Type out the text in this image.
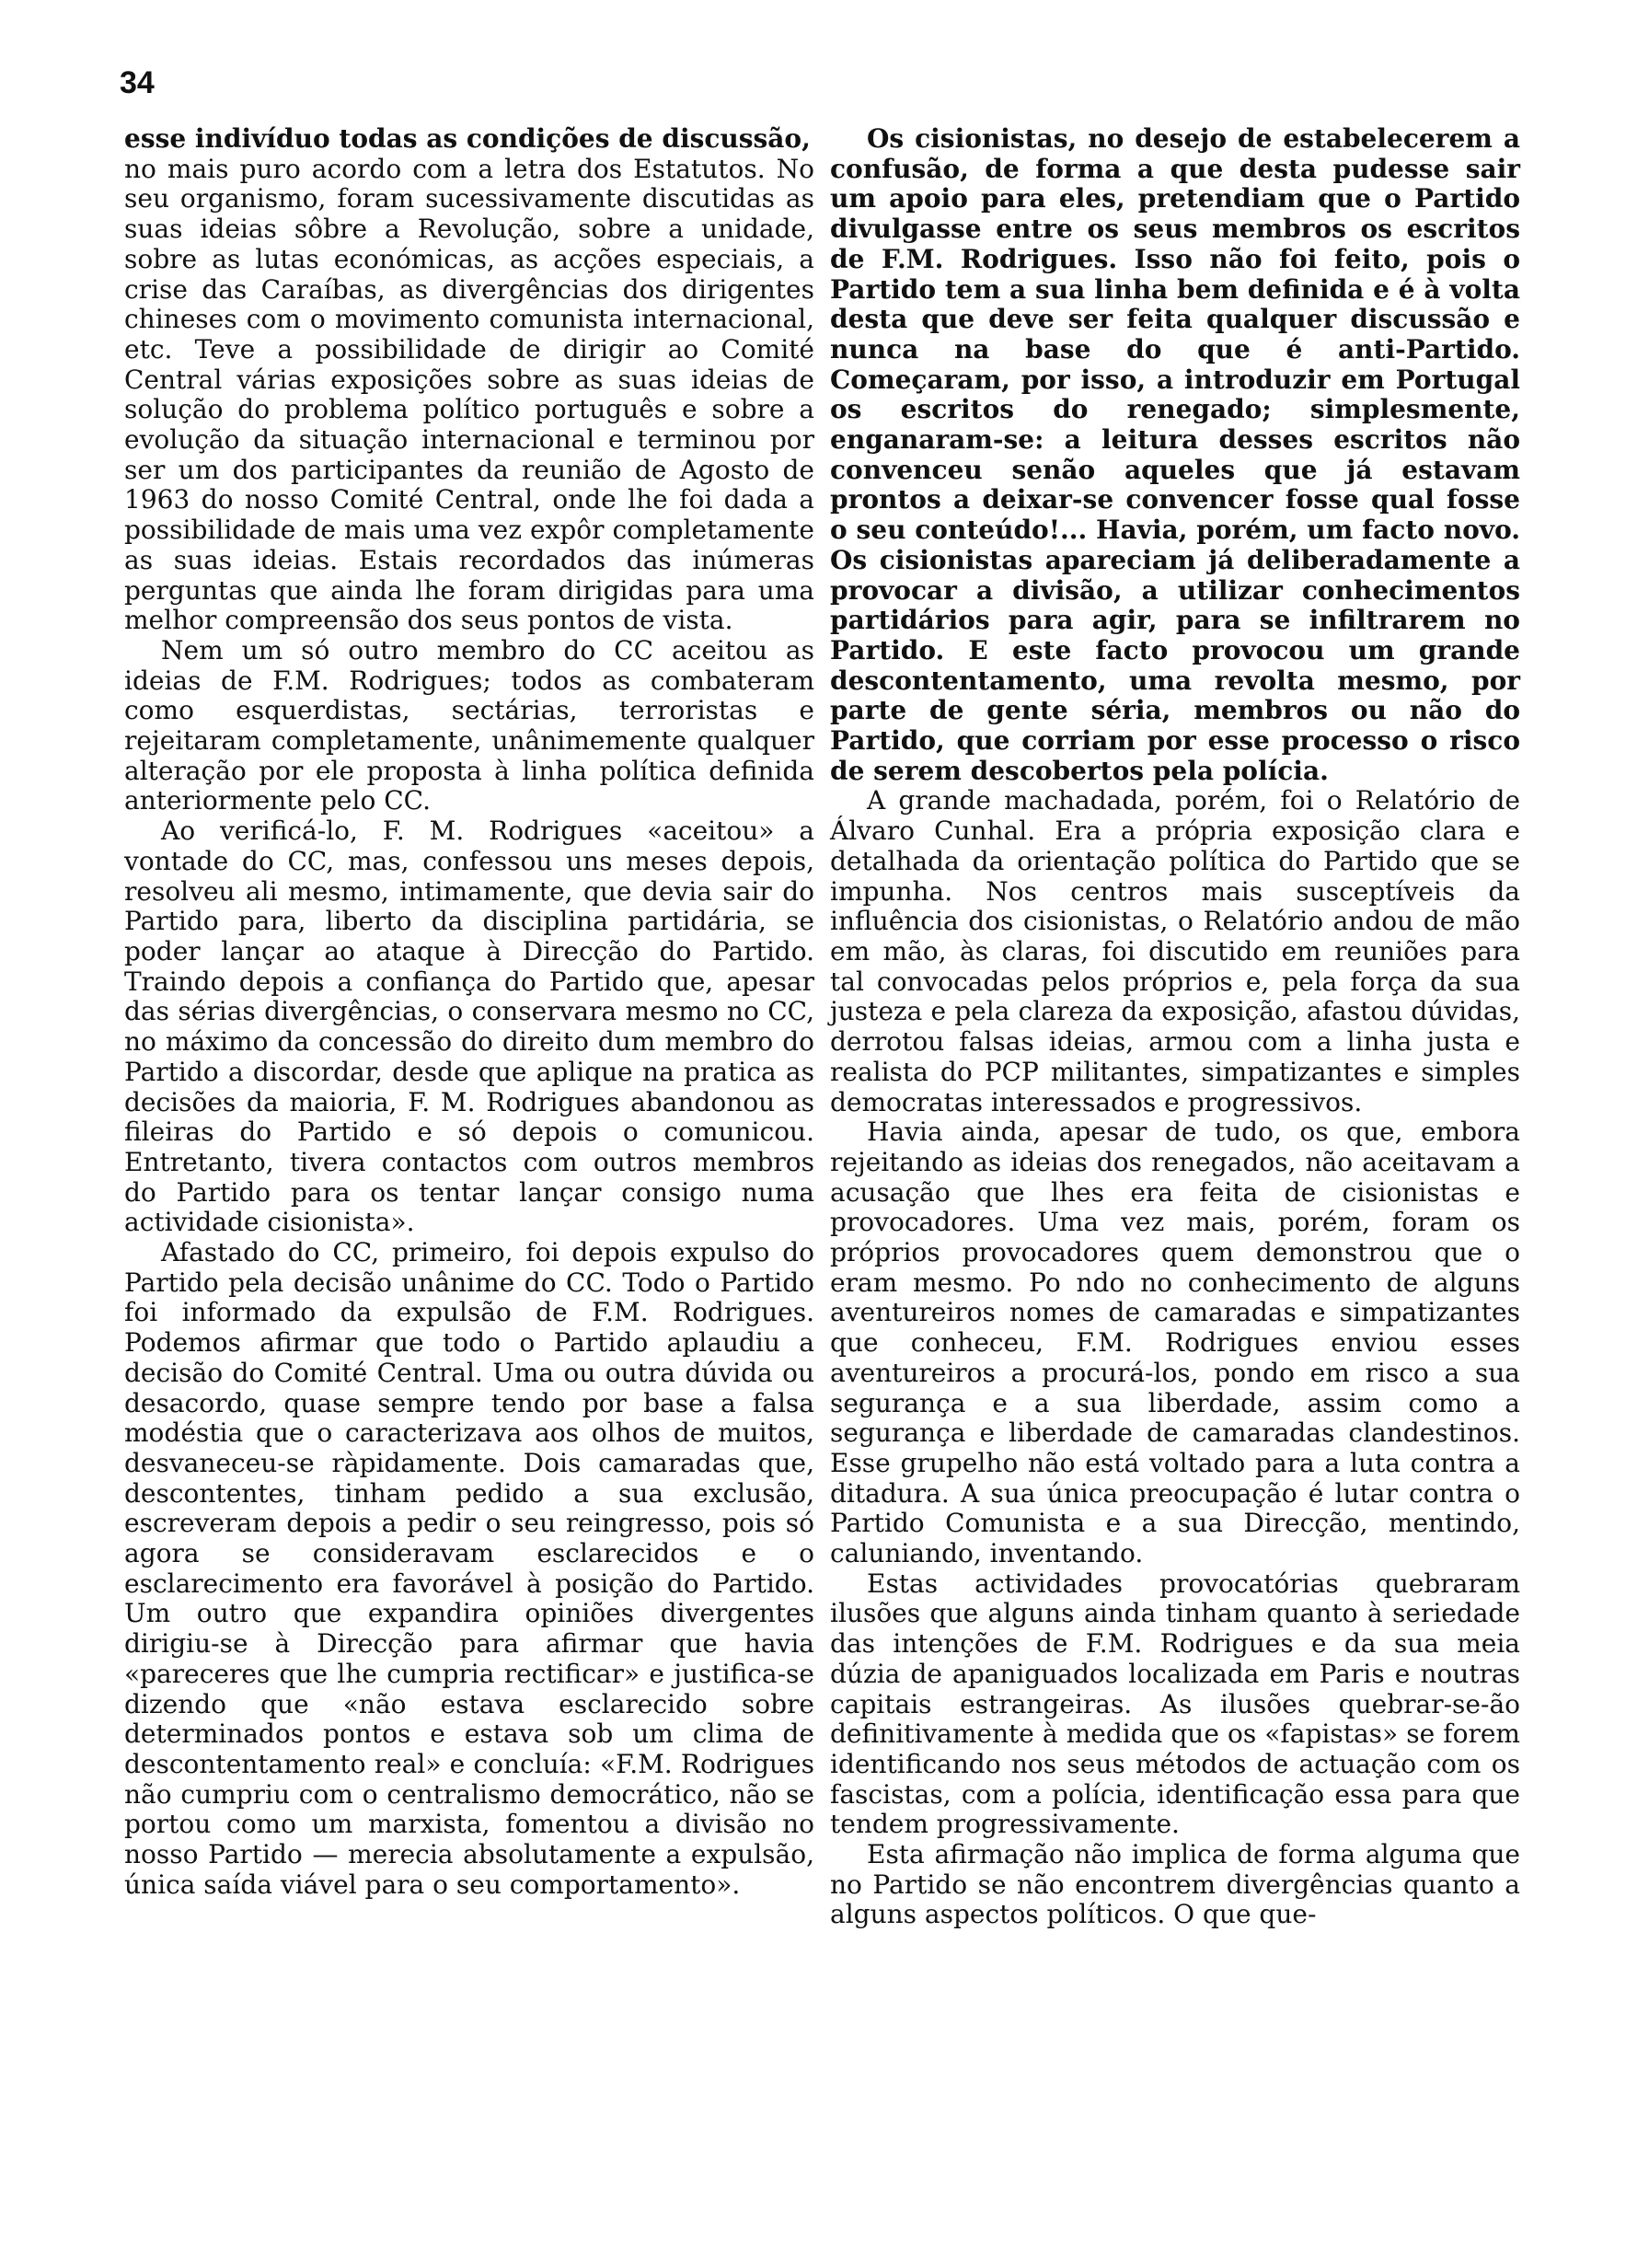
34

esse indivíduo todas as condições de discussão,

no mais puro acordo com a letra dos Estatutos. No seu organismo, foram sucessivamente discutidas as suas ideias sôbre a Revolução, sobre a unidade, sobre as lutas económicas, as acções especiais, a crise das Caraíbas, as divergências dos dirigentes chineses com o movimento comunista internacional, etc. Teve a possibilidade de dirigir ao Comité Central várias exposições sobre as suas ideias de solução do problema político português e sobre a evolução da situação internacional e terminou por ser um dos participantes da reunião de Agosto de 1963 do nosso Comité Central, onde lhe foi dada a possibilidade de mais uma vez expôr completamente as suas ideias. Estais recordados das inúmeras perguntas que ainda lhe foram dirigidas para uma melhor compreensão dos seus pontos de vista.

Nem um só outro membro do CC aceitou as ideias de F.M. Rodrigues; todos as combateram como esquerdistas, sectárias, terroristas e rejeitaram completamente, unânimemente qualquer alteração por ele proposta à linha política definida anteriormente pelo CC.

Ao verificá-lo, F. M. Rodrigues «aceitou» a vontade do CC, mas, confessou uns meses depois, resolveu ali mesmo, intimamente, que devia sair do Partido para, liberto da disciplina partidária, se poder lançar ao ataque à Direcção do Partido. Traindo depois a confiança do Partido que, apesar das sérias divergências, o conservara mesmo no CC, no máximo da concessão do direito dum membro do Partido a discordar, desde que aplique na pratica as decisões da maioria, F. M. Rodrigues abandonou as fileiras do Partido e só depois o comunicou. Entretanto, tivera contactos com outros membros do Partido para os tentar lançar consigo numa actividade cisionista».

Afastado do CC, primeiro, foi depois expulso do Partido pela decisão unânime do CC. Todo o Partido foi informado da expulsão de F.M. Rodrigues. Podemos afirmar que todo o Partido aplaudiu a decisão do Comité Central. Uma ou outra dúvida ou desacordo, quase sempre tendo por base a falsa modéstia que o caracterizava aos olhos de muitos, desvaneceu-se ràpidamente. Dois camaradas que, descontentes, tinham pedido a sua exclusão, escreveram depois a pedir o seu reingresso, pois só agora se consideravam esclarecidos e o esclarecimento era favorável à posição do Partido. Um outro que expandira opiniões divergentes dirigiu-se à Direcção para afirmar que havia «pareceres que lhe cumpria rectificar» e justifica-se dizendo que «não estava esclarecido sobre determinados pontos e estava sob um clima de descontentamento real» e concluía: «F.M. Rodrigues não cumpriu com o centralismo democrático, não se portou como um marxista, fomentou a divisão no nosso Partido — merecia absolutamente a expulsão, única saída viável para o seu comportamento».

Os cisionistas, no desejo de estabelecerem a confusão, de forma a que desta pudesse sair um apoio para eles, pretendiam que o Partido divulgasse entre os seus membros os escritos de F.M. Rodrigues. Isso não foi feito, pois o Partido tem a sua linha bem definida e é à volta desta que deve ser feita qualquer discussão e nunca na base do que é anti-Partido. Começaram, por isso, a introduzir em Portugal os escritos do renegado; simplesmente, enganaram-se: a leitura desses escritos não convenceu senão aqueles que já estavam prontos a deixar-se convencer fosse qual fosse o seu conteúdo!... Havia, porém, um facto novo. Os cisionistas apareciam já deliberadamente a provocar a divisão, a utilizar conhecimentos partidários para agir, para se infiltrarem no Partido. E este facto provocou um grande descontentamento, uma revolta mesmo, por parte de gente séria, membros ou não do Partido, que corriam por esse processo o risco de serem descobertos pela polícia.

A grande machadada, porém, foi o Relatório de Álvaro Cunhal. Era a própria exposição clara e detalhada da orientação política do Partido que se impunha. Nos centros mais susceptíveis da influência dos cisionistas, o Relatório andou de mão em mão, às claras, foi discutido em reuniões para tal convocadas pelos próprios e, pela força da sua justeza e pela clareza da exposição, afastou dúvidas, derrotou falsas ideias, armou com a linha justa e realista do PCP militantes, simpatizantes e simples democratas interessados e progressivos.

Havia ainda, apesar de tudo, os que, embora rejeitando as ideias dos renegados, não aceitavam a acusação que lhes era feita de cisionistas e provocadores. Uma vez mais, porém, foram os próprios provocadores quem demonstrou que o eram mesmo. Po ndo no conhecimento de alguns aventureiros nomes de camaradas e simpatizantes que conheceu, F.M. Rodrigues enviou esses aventureiros a procurá-los, pondo em risco a sua segurança e a sua liberdade, assim como a segurança e liberdade de camaradas clandestinos. Esse grupelho não está voltado para a luta contra a ditadura. A sua única preocupação é lutar contra o Partido Comunista e a sua Direcção, mentindo, caluniando, inventando.

Estas actividades provocatórias quebraram ilusões que alguns ainda tinham quanto à seriedade das intenções de F.M. Rodrigues e da sua meia dúzia de apaniguados localizada em Paris e noutras capitais estrangeiras. As ilusões quebrar-se-ão definitivamente à medida que os «fapistas» se forem identificando nos seus métodos de actuação com os fascistas, com a polícia, identificação essa para que tendem progressivamente.

Esta afirmação não implica de forma alguma que no Partido se não encontrem divergências quanto a alguns aspectos políticos. O que que-
